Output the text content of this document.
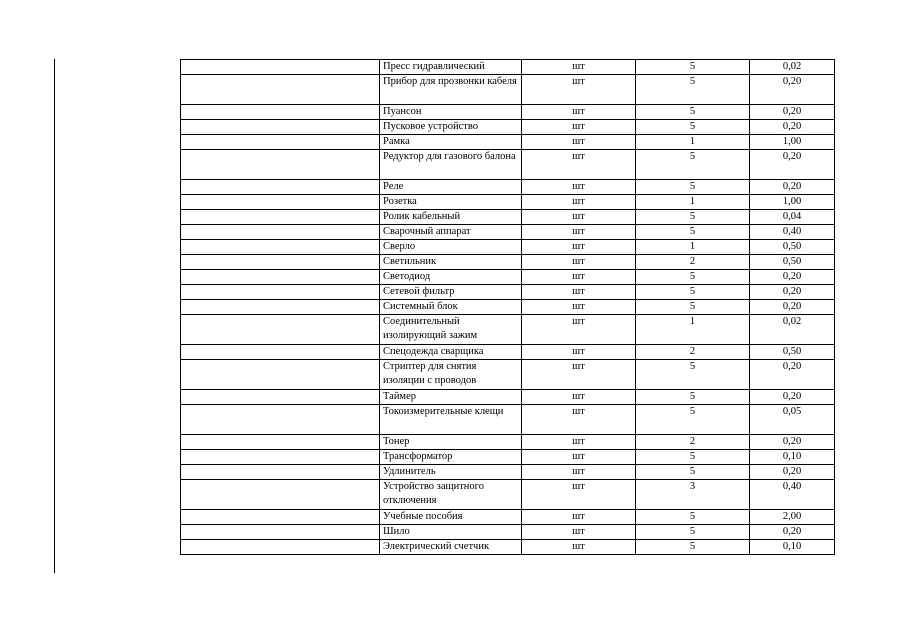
	Пресс гидравлический	шт	5	0,02
	Прибор для прозвонки кабеля	шт	5	0,20
	Пуансон	шт	5	0,20
	Пусковое устройство	шт	5	0,20
	Рамка	шт	1	1,00
	Редуктор для газового балона	шт	5	0,20
	Реле	шт	5	0,20
	Розетка	шт	1	1,00
	Ролик кабельный	шт	5	0,04
	Сварочный аппарат	шт	5	0,40
	Сверло	шт	1	0,50
	Светильник	шт	2	0,50
	Светодиод	шт	5	0,20
	Сетевой фильтр	шт	5	0,20
	Системный блок	шт	5	0,20
	Соединительный изолирующий зажим	шт	1	0,02
	Спецодежда сварщика	шт	2	0,50
	Стриптер для снятия изоляции с проводов	шт	5	0,20
	Таймер	шт	5	0,20
	Токоизмерительные клещи	шт	5	0,05
	Тонер	шт	2	0,20
	Трансформатор	шт	5	0,10
	Удлинитель	шт	5	0,20
	Устройство защитного отключения	шт	3	0,40
	Учебные пособия	шт	5	2,00
	Шило	шт	5	0,20
	Электрический счетчик	шт	5	0,10
